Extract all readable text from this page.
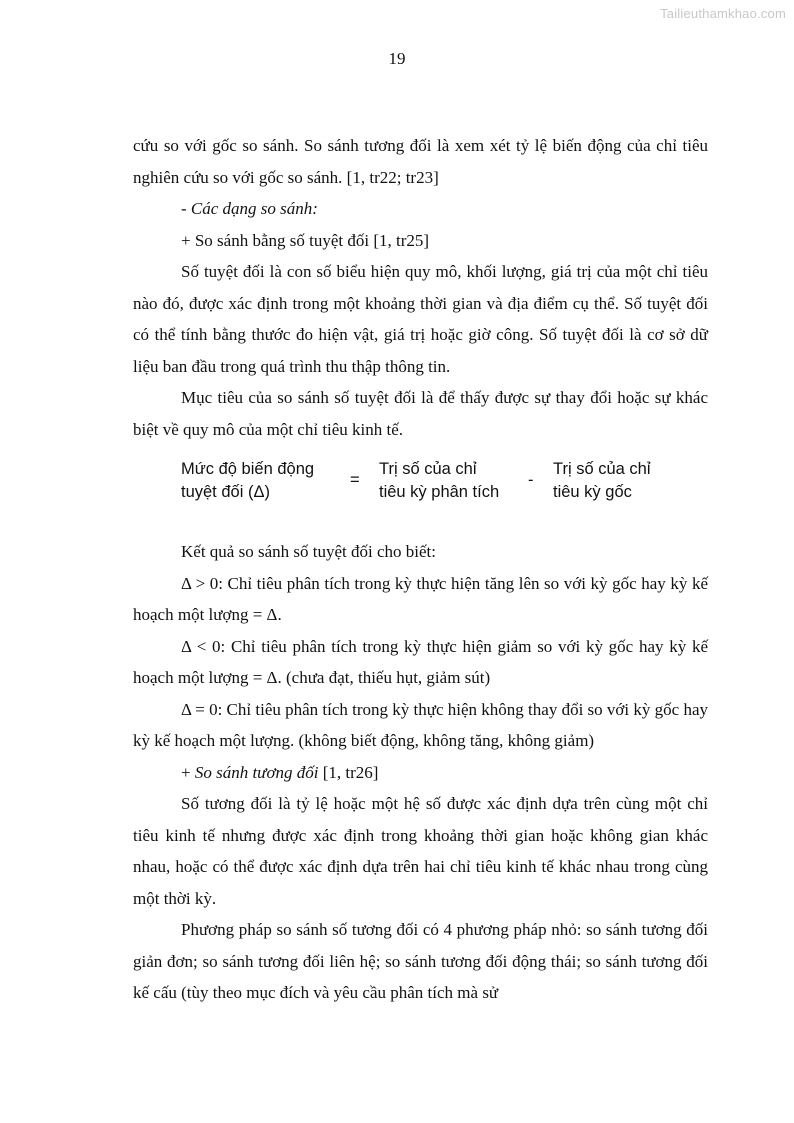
Tailieuthamkhao.com
19

cứu so với gốc so sánh. So sánh tương đối là xem xét tỷ lệ biến động của chỉ tiêu nghiên cứu so với gốc so sánh. [1, tr22; tr23]

- Các dạng so sánh:

+ So sánh bằng số tuyệt đối [1, tr25]

Số tuyệt đối là con số biểu hiện quy mô, khối lượng, giá trị của một chỉ tiêu nào đó, được xác định trong một khoảng thời gian và địa điểm cụ thể. Số tuyệt đối có thể tính bằng thước đo hiện vật, giá trị hoặc giờ công. Số tuyệt đối là cơ sở dữ liệu ban đầu trong quá trình thu thập thông tin.

Mục tiêu của so sánh số tuyệt đối là để thấy được sự thay đổi hoặc sự khác biệt về quy mô của một chỉ tiêu kinh tế.

Mức độ biến động
tuyệt đối (Δ)
=
Trị số của chỉ
tiêu kỳ phân tích
-
Trị số của chỉ
tiêu kỳ gốc

Kết quả so sánh số tuyệt đối cho biết:

Δ > 0: Chỉ tiêu phân tích trong kỳ thực hiện tăng lên so với kỳ gốc hay kỳ kế hoạch một lượng = Δ.

Δ < 0: Chỉ tiêu phân tích trong kỳ thực hiện giảm so với kỳ gốc hay kỳ kế hoạch một lượng = Δ. (chưa đạt, thiếu hụt, giảm sút)

Δ = 0: Chỉ tiêu phân tích trong kỳ thực hiện không thay đổi so với kỳ gốc hay kỳ kế hoạch một lượng. (không biết động, không tăng, không giảm)

+ So sánh tương đối [1, tr26]

Số tương đối là tỷ lệ hoặc một hệ số được xác định dựa trên cùng một chỉ tiêu kinh tế nhưng được xác định trong khoảng thời gian hoặc không gian khác nhau, hoặc có thể được xác định dựa trên hai chỉ tiêu kinh tế khác nhau trong cùng một thời kỳ.

Phương pháp so sánh số tương đối có 4 phương pháp nhỏ: so sánh tương đối giản đơn; so sánh tương đối liên hệ; so sánh tương đối động thái; so sánh tương đối kế cấu (tùy theo mục đích và yêu cầu phân tích mà sử
